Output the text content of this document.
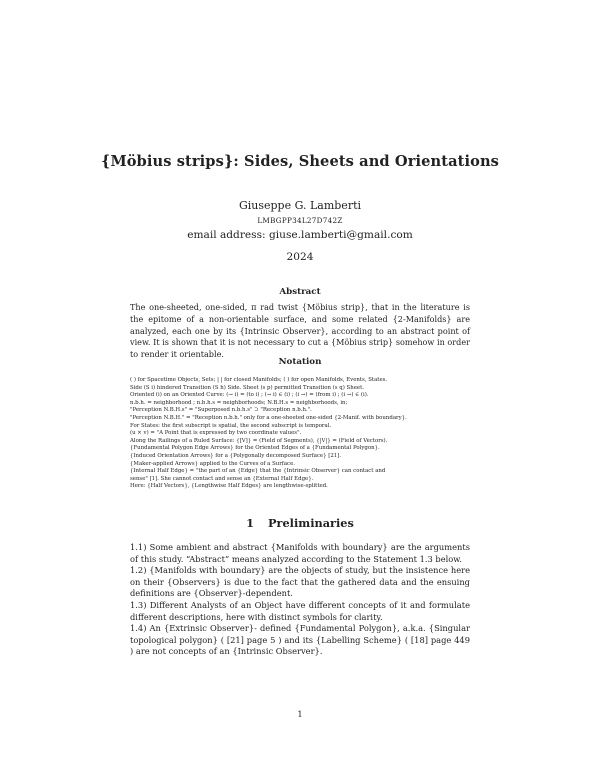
{Möbius strips}: Sides, Sheets and Orientations
Giuseppe G. Lamberti
LMBGPP34L27D742Z
email address: giuse.lamberti@gmail.com
2024
Abstract
The one-sheeted, one-sided, π rad twist {Möbius strip}, that in the literature is the epitome of a non-orientable surface, and some related {2-Manifolds} are analyzed, each one by its {Intrinsic Observer}, according to an abstract point of view. It is shown that it is not necessary to cut a {Möbius strip} somehow in order to render it orientable.
Notation

( ) for Spacetime Objects, Sets; | | for closed Manifolds; ( ) for open Manifolds, Events, States.

Side (S i) hindered Transition (S h) Side. Sheet (s p) permitted Transition (s q) Sheet.

Oriented (i) on an Oriented Curve: (→ i) = (to i) ; (→ i) ∈ (i) ; (i →) = (from i) ; (i →) ∈ (i).

n.b.h. = neighborhood ; n.b.h.s = neighborhoods; N.B.H.s = neighborhoods, in;

"Perception N.B.H.s" = "Superposed n.b.h.s" ⊃ "Reception n.b.h.".

"Perception N.B.H." = "Reception n.b.h." only for a one-sheeted one-sided {2-Manif. with boundary}.

For States: the first subscript is spatial, the second subscript is temporal.

(u × v) = "A Point that is expressed by two coordinate values".

Along the Railings of a Ruled Surface: {[V]} = (Field of Segments), {|V|} = (Field of Vectors).

{Fundamental Polygon Edge Arrows} for the Oriented Edges of a {Fundamental Polygon}.

{Induced Orientation Arrows} for a {Polygonally decomposed Surface} [21].

{Maker-applied Arrows} applied to the Curves of a Surface.

{Internal Half Edge} = "the part of an {Edge} that the {Intrinsic Observer} can contact and

sense" [1]. She cannot contact and sense an {External Half Edge}.

Here: {Half Vectors}, {Lengthwise Half Edges} are lengthwise-splitted.

1 Preliminaries

1.1) Some ambient and abstract {Manifolds with boundary} are the arguments of this study. “Abstract” means analyzed according to the Statement 1.3 below.

1.2) {Manifolds with boundary} are the objects of study, but the insistence here on their {Observers} is due to the fact that the gathered data and the ensuing definitions are {Observer}-dependent.

1.3) Different Analysts of an Object have different concepts of it and formulate different descriptions, here with distinct symbols for clarity.

1.4) An {Extrinsic Observer}- defined {Fundamental Polygon}, a.k.a. {Singular topological polygon} ( [21] page 5 ) and its {Labelling Scheme} ( [18] page 449 ) are not concepts of an {Intrinsic Observer}.

1
